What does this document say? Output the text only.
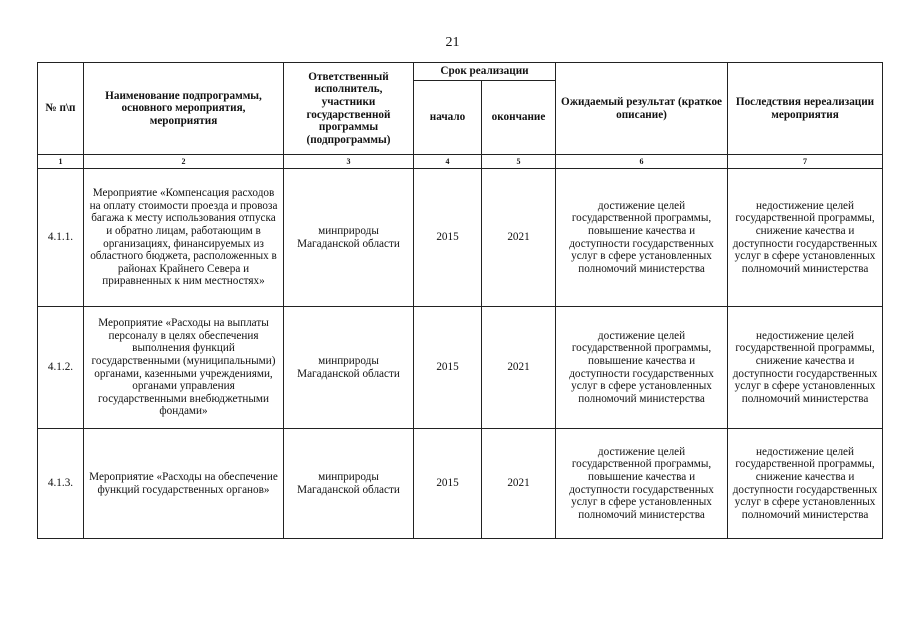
21
№ п\п	Наименование подпрограммы, основного мероприятия, мероприятия	Ответственный исполнитель, участники государственной программы (подпрограммы)	Срок реализации		Ожидаемый результат (краткое описание)	Последствия нереализации мероприятия
			начало	окончание		
1	2	3	4	5	6	7
4.1.1.	Мероприятие «Компенсация расходов на оплату стоимости проезда и провоза багажа к месту использования отпуска и обратно лицам, работающим в организациях, финансируемых из областного бюджета, расположенных в районах Крайнего Севера и приравненных к ним местностях»	минприроды Магаданской области	2015	2021	достижение целей государственной программы, повышение качества и доступности государственных услуг в сфере установленных полномочий министерства	недостижение целей государственной программы, снижение качества и доступности государственных услуг в сфере установленных полномочий министерства
4.1.2.	Мероприятие «Расходы на выплаты персоналу в целях обеспечения выполнения функций государственными (муниципальными) органами, казенными учреждениями, органами управления государственными внебюджетными фондами»	минприроды Магаданской области	2015	2021	достижение целей государственной программы, повышение качества и доступности государственных услуг в сфере установленных полномочий министерства	недостижение целей государственной программы, снижение качества и доступности государственных услуг в сфере установленных полномочий министерства
4.1.3.	Мероприятие «Расходы на обеспечение функций государственных органов»	минприроды Магаданской области	2015	2021	достижение целей государственной программы, повышение качества и доступности государственных услуг в сфере установленных полномочий министерства	недостижение целей государственной программы, снижение качества и доступности государственных услуг в сфере установленных полномочий министерства
